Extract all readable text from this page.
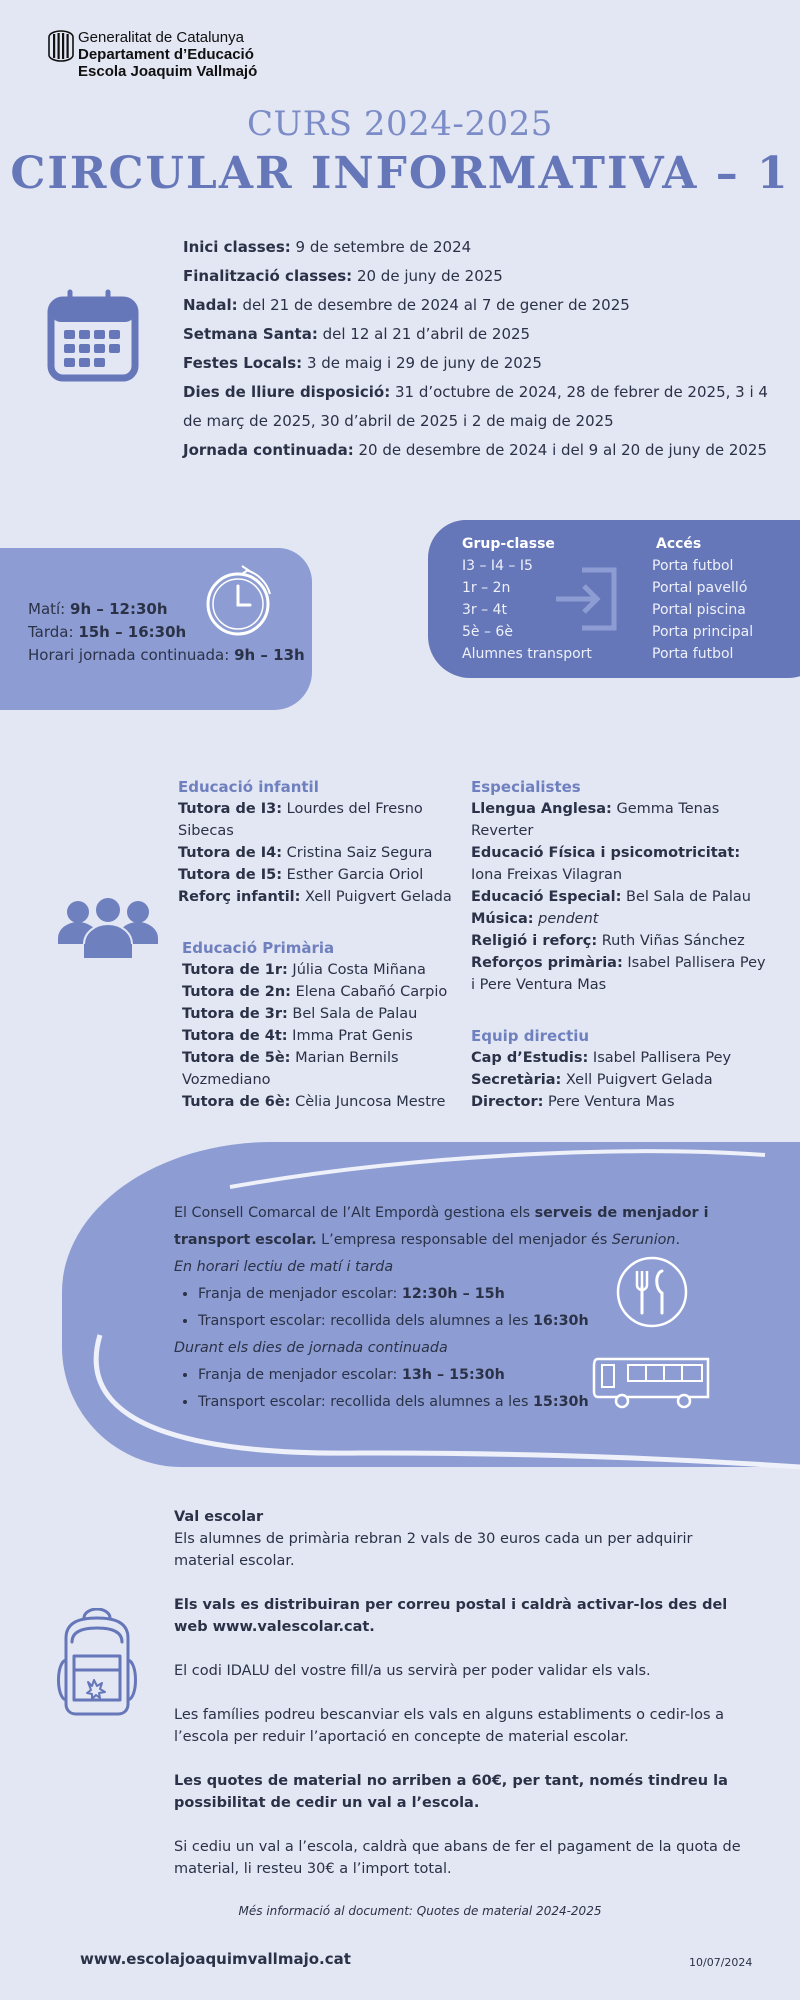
Generalitat de Catalunya
Departament d’Educació
Escola Joaquim Vallmajó
CURS 2024-2025
CIRCULAR INFORMATIVA – 1
Inici classes: 9 de setembre de 2024
Finalització classes: 20 de juny de 2025
Nadal: del 21 de desembre de 2024 al 7 de gener de 2025
Setmana Santa: del 12 al 21 d’abril de 2025
Festes Locals: 3 de maig i 29 de juny de 2025
Dies de lliure disposició: 31 d’octubre de 2024, 28 de febrer de 2025, 3 i 4 de març de 2025, 30 d’abril de 2025 i 2 de maig de 2025
Jornada continuada: 20 de desembre de 2024 i del 9 al 20 de juny de 2025
Matí: 9h – 12:30h
Tarda: 15h – 16:30h
Horari jornada continuada: 9h – 13h
Grup-classe
I3 – I4 – I5
1r – 2n
3r – 4t
5è – 6è
Alumnes transport
Accés
Porta futbol
Portal pavelló
Portal piscina
Porta principal
Porta futbol
Educació infantil
Tutora de I3: Lourdes del Fresno Sibecas
Tutora de I4: Cristina Saiz Segura
Tutora de I5: Esther Garcia Oriol
Reforç infantil: Xell Puigvert Gelada
Educació Primària
Tutora de 1r: Júlia Costa Miñana
Tutora de 2n: Elena Cabañó Carpio
Tutora de 3r: Bel Sala de Palau
Tutora de 4t: Imma Prat Genis
Tutora de 5è: Marian Bernils Vozmediano
Tutora de 6è: Cèlia Juncosa Mestre
Especialistes
Llengua Anglesa: Gemma Tenas Reverter
Educació Física i psicomotricitat: Iona Freixas Vilagran
Educació Especial: Bel Sala de Palau
Música: pendent
Religió i reforç: Ruth Viñas Sánchez
Reforços primària: Isabel Pallisera Pey i Pere Ventura Mas
Equip directiu
Cap d’Estudis: Isabel Pallisera Pey
Secretària: Xell Puigvert Gelada
Director: Pere Ventura Mas
El Consell Comarcal de l’Alt Empordà gestiona els serveis de menjador i transport escolar. L’empresa responsable del menjador és Serunion.
En horari lectiu de matí i tarda
• Franja de menjador escolar: 12:30h – 15h
• Transport escolar: recollida dels alumnes a les 16:30h
Durant els dies de jornada continuada
• Franja de menjador escolar: 13h – 15:30h
• Transport escolar: recollida dels alumnes a les 15:30h
Val escolar

Els alumnes de primària rebran 2 vals de 30 euros cada un per adquirir material escolar.

Els vals es distribuiran per correu postal i caldrà activar-los des del web www.valescolar.cat.

El codi IDALU del vostre fill/a us servirà per poder validar els vals.

Les famílies podreu bescanviar els vals en alguns establiments o cedir-los a l’escola per reduir l’aportació en concepte de material escolar.

Les quotes de material no arriben a 60€, per tant, només tindreu la possibilitat de cedir un val a l’escola.

Si cediu un val a l’escola, caldrà que abans de fer el pagament de la quota de material, li resteu 30€ a l’import total.

Més informació al document: Quotes de material 2024-2025
www.escolajoaquimvallmajo.cat	10/07/2024
